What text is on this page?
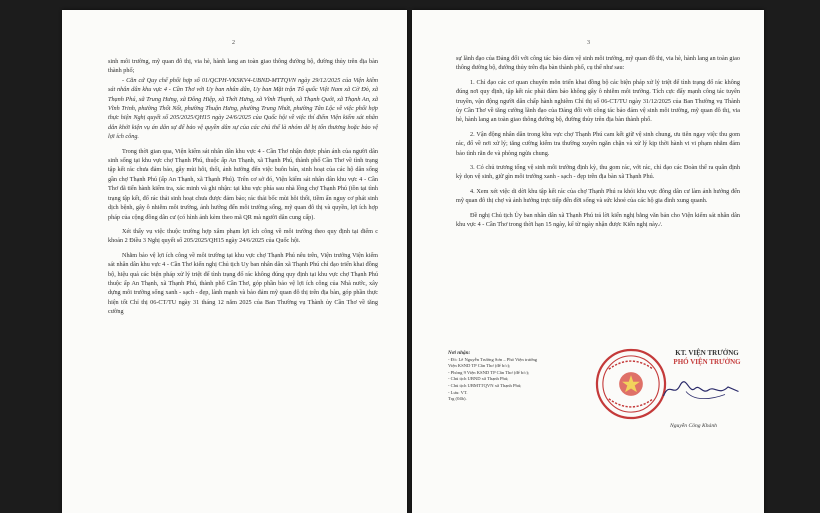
2

sinh môi trường, mỹ quan đô thị, via hè, hành lang an toàn giao thông đường bộ, đường thủy trên địa bàn thành phố;

- Căn cứ Quy chế phối hợp số 01/QCPH-VKSKV4-UBND-MTTQVN ngày 29/12/2025 của Viện kiểm sát nhân dân khu vực 4 - Cần Thơ với Uy ban nhân dân, Uy ban Mặt trận Tổ quốc Việt Nam xã Cờ Đỏ, xã Thạnh Phú, xã Trung Hưng, xã Đông Hiệp, xã Thới Hưng, xã Vĩnh Thạnh, xã Thạnh Quới, xã Thạnh An, xã Vĩnh Trinh, phường Thốt Nốt, phường Thuận Hưng, phường Trung Nhứt, phường Tân Lộc về việc phối hợp thực hiện Nghị quyết số 205/2025/QH15 ngày 24/6/2025 của Quốc hội về việc thí điểm Viện kiểm sát nhân dân khởi kiện vụ án dân sự để bảo vệ quyền dân sự của các chủ thể là nhóm dễ bị tổn thương hoặc bảo vệ lợi ích công.

Trong thời gian qua, Viện kiểm sát nhân dân khu vực 4 - Cần Thơ nhận được phản ánh của người dân sinh sống tại khu vực chợ Thạnh Phú, thuộc ấp An Thạnh, xã Thạnh Phú, thành phố Cần Thơ về tình trạng tập kết rác chưa đảm bảo, gây mùi hôi, thối, ảnh hưởng đến việc buôn bán, sinh hoạt của các hộ dân sống gần chợ Thạnh Phú (ấp An Thạnh, xã Thạnh Phú). Trên cơ sở đó, Viện kiểm sát nhân dân khu vực 4 - Cần Thơ đã tiến hành kiểm tra, xác minh và ghi nhận: tại khu vực phía sau nhà lồng chợ Thạnh Phú (tồn tại tình trạng tập kết, đổ rác thải sinh hoạt chưa được đảm bảo; rác thải bốc mùi hôi thối, tiềm ẩn nguy cơ phát sinh dịch bệnh, gây ô nhiễm môi trường, ảnh hưởng đến môi trường sống, mỹ quan đô thị và quyền, lợi ích hợp pháp của cộng đồng dân cư (có hình ảnh kèm theo mã QR mà người dân cung cấp).

Xét thấy vụ việc thuộc trường hợp xâm phạm lợi ích công về môi trường theo quy định tại điểm c khoản 2 Điều 3 Nghị quyết số 205/2025/QH15 ngày 24/6/2025 của Quốc hội.

Nhằm bảo vệ lợi ích công về môi trường tại khu vực chợ Thạnh Phú nêu trên, Viện trưởng Viện kiểm sát nhân dân khu vực 4 - Cần Thơ kiến nghị Chủ tịch Uy ban nhân dân xã Thạnh Phú chỉ đạo triển khai đồng bộ, hiệu quả các biện pháp xử lý triệt để tình trạng đổ rác không đúng quy định tại khu vực chợ Thạnh Phú thuộc ấp An Thạnh, xã Thạnh Phú, thành phố Cần Thơ, góp phần bảo vệ lợi ích công của Nhà nước, xây dựng môi trường sống xanh - sạch - đẹp, lành mạnh và bảo đảm mỹ quan đô thị trên địa bàn, góp phần thực hiện tốt Chỉ thị 06-CT/TU ngày 31 tháng 12 năm 2025 của Ban Thường vụ Thành ủy Cần Thơ về tăng cường

3

sự lãnh đạo của Đảng đối với công tác bảo đảm vệ sinh môi trường, mỹ quan đô thị, via hè, hành lang an toàn giao thông đường bộ, đường thủy trên địa bàn thành phố, cụ thể như sau:

1. Chỉ đạo các cơ quan chuyên môn triển khai đồng bộ các biện pháp xử lý triệt để tình trạng đổ rác không đúng nơi quy định, tập kết rác phải đảm bảo không gây ô nhiễm môi trường. Tích cực đẩy mạnh công tác tuyên truyền, vận động người dân chấp hành nghiêm Chỉ thị số 06-CT/TU ngày 31/12/2025 của Ban Thường vụ Thành ủy Cần Thơ về tăng cường lãnh đạo của Đảng đối với công tác bảo đảm vệ sinh môi trường, mỹ quan đô thị, via hè, hành lang an toàn giao thông đường bộ, đường thủy trên địa bàn thành phố.

2. Vận động nhân dân trong khu vực chợ Thạnh Phú cam kết giữ vệ sinh chung, ưu tiên ngay việc thu gom rác, đổ về nơi xử lý; tăng cường kiểm tra thường xuyên ngăn chặn và xử lý kịp thời hành vi vi phạm nhằm đảm bảo tình răn đe và phòng ngừa chung.

3. Có chủ trương tổng vệ sinh môi trường định kỳ, thu gom rác, vớt rác, chỉ đạo các Đoàn thể ra quân định kỳ dọn vệ sinh, giữ gìn môi trường xanh - sạch - đẹp trên địa bàn xã Thạnh Phú.

4. Xem xét việc di dời khu tập kết rác của chợ Thạnh Phú ra khỏi khu vực đông dân cư làm ảnh hưởng đến mỹ quan đô thị chợ và ảnh hưởng trực tiếp đến đời sống và sức khoẻ của các hộ gia đình xung quanh.

Đề nghị Chủ tịch Ủy ban nhân dân xã Thạnh Phú trả lời kiến nghị bằng văn bản cho Viện kiểm sát nhân dân khu vực 4 - Cần Thơ trong thời hạn 15 ngày, kể từ ngày nhận được Kiến nghị này./.

Nơi nhận:
- Đ/c Lê Nguyễn Trường Sơn – Phó Viện trưởng
Viện KSND TP Cần Thơ (để b/c);
- Phòng 9 Viện KSND TP Cần Thơ (để b/c);
- Chủ tịch UBND xã Thạnh Phú;
- Chủ tịch UBMTTQVN xã Thạnh Phú;
- Lưu: VT.
Trg (04b).
KT. VIỆN TRƯỞNG
PHÓ VIỆN TRƯỞNG
Nguyễn Công Khánh
